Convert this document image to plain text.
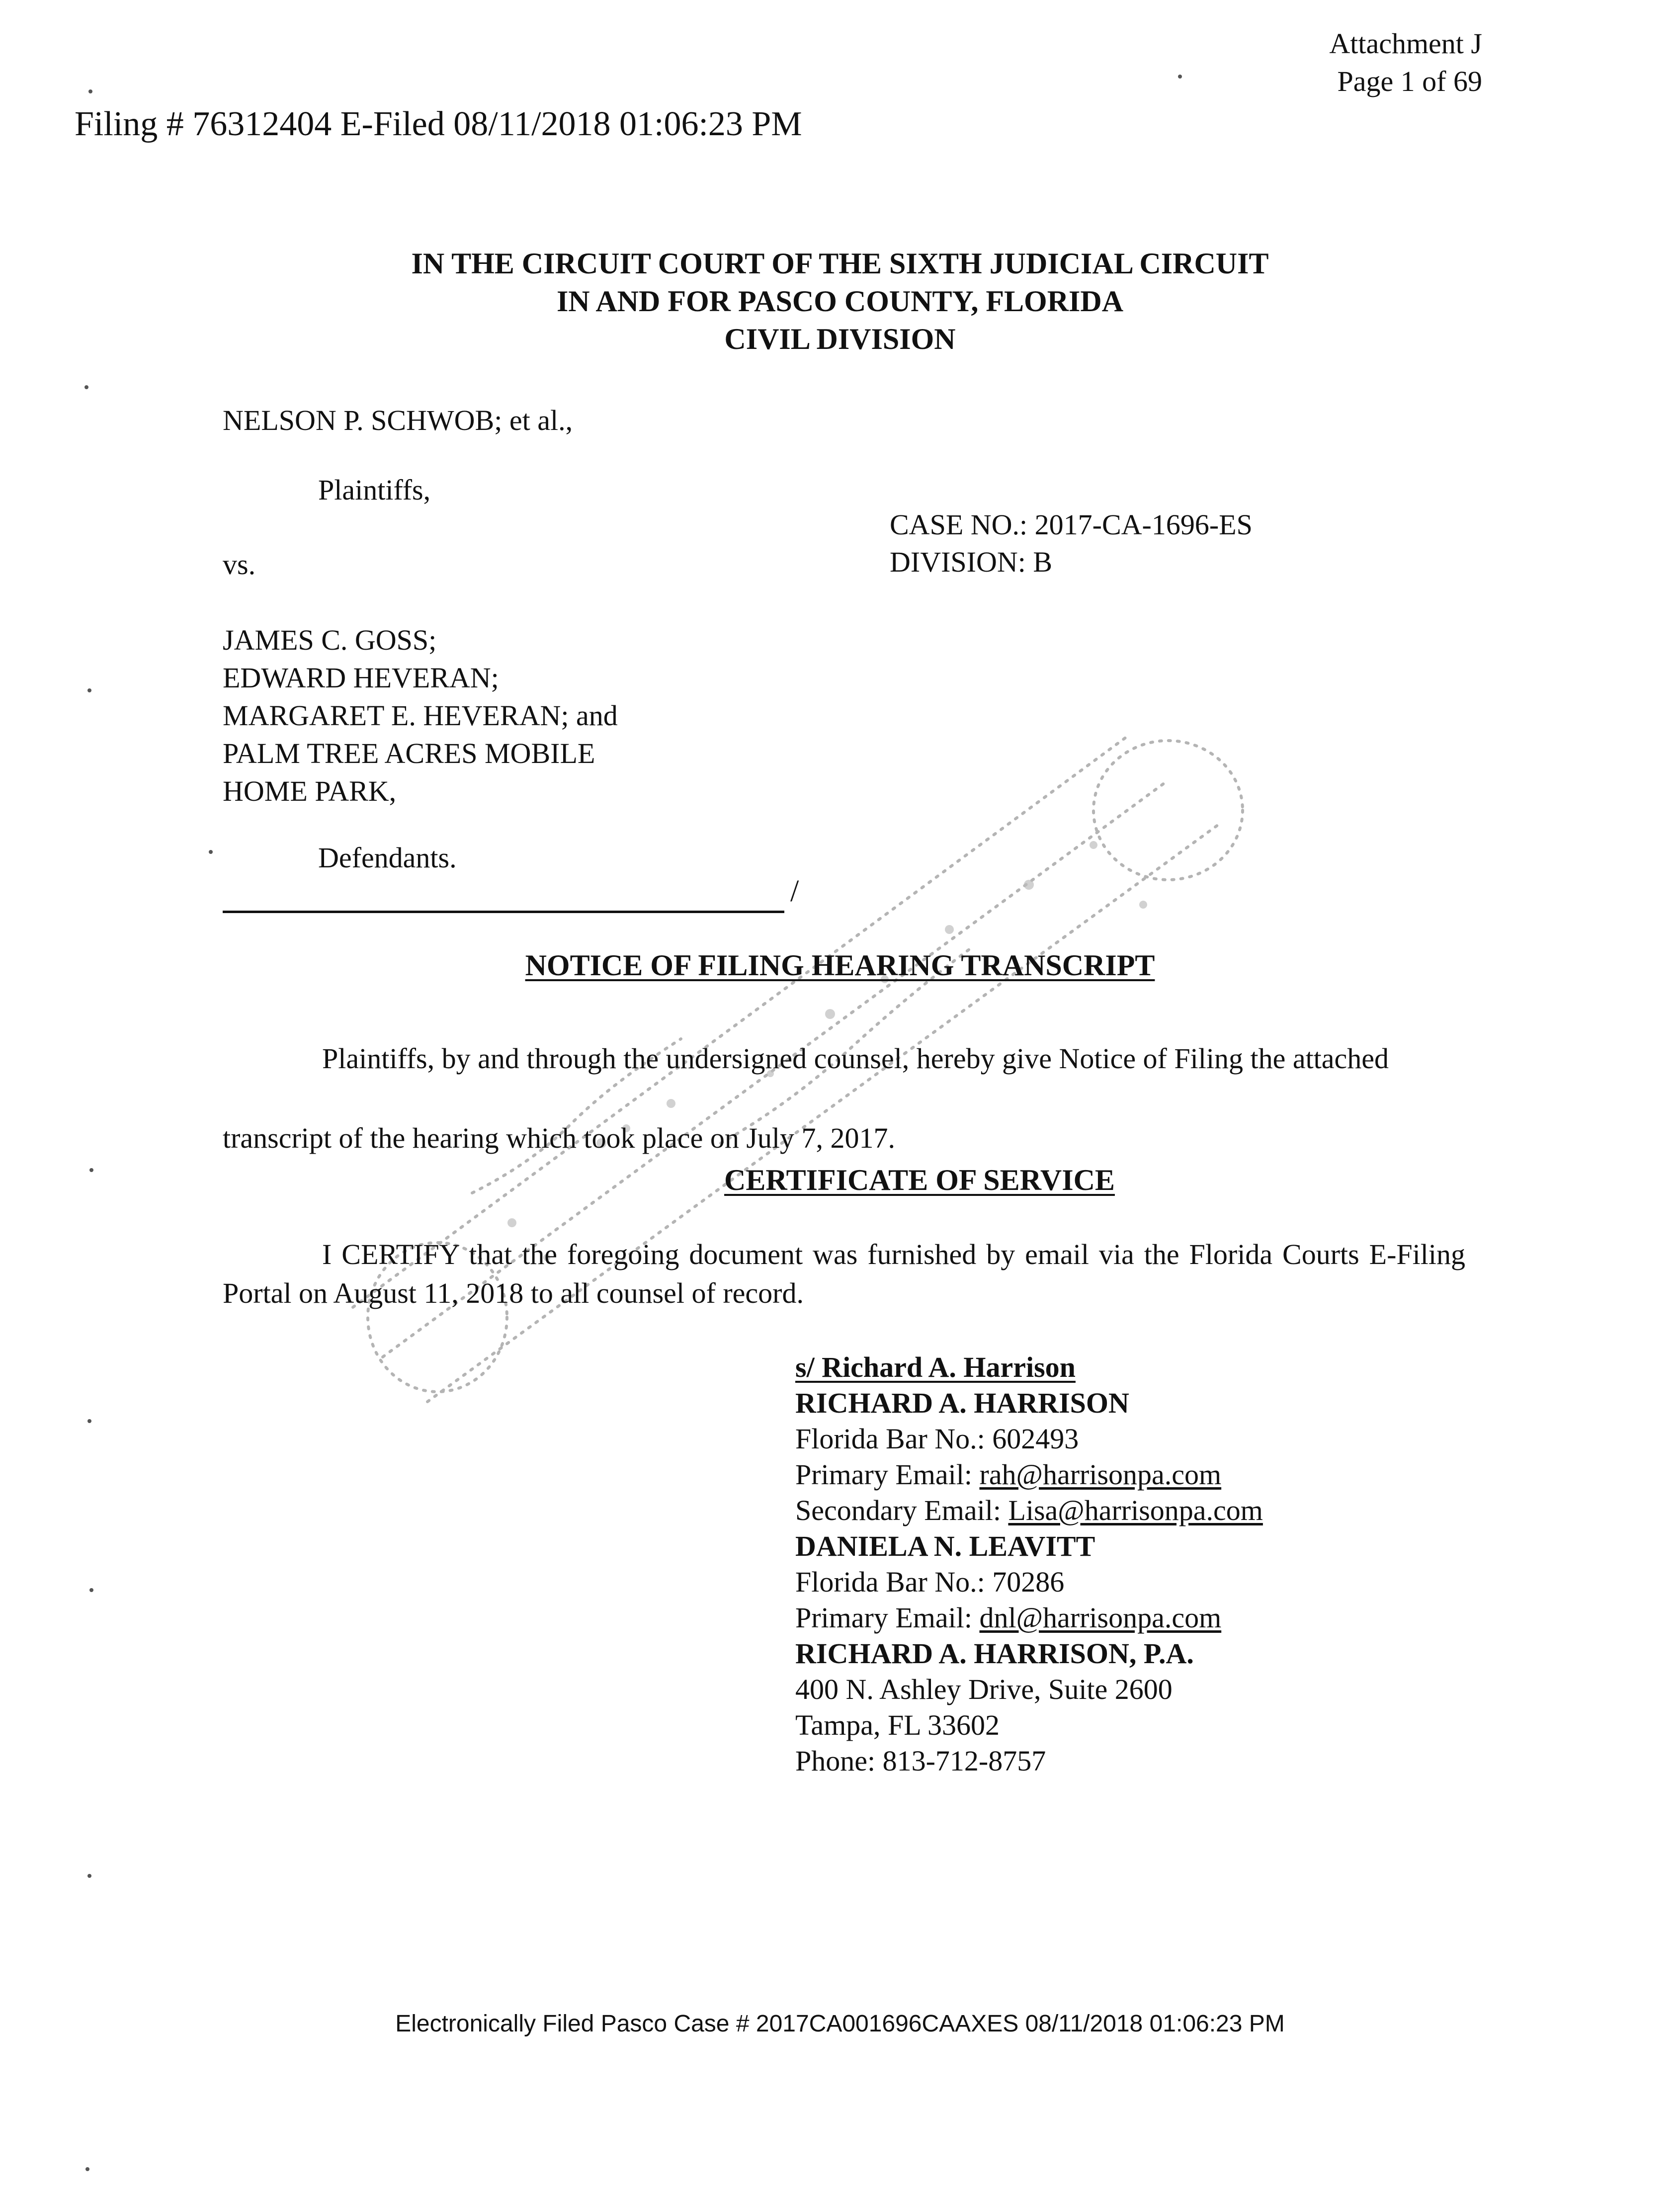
Attachment J
Page 1 of 69
Filing # 76312404 E-Filed 08/11/2018 01:06:23 PM
IN THE CIRCUIT COURT OF THE SIXTH JUDICIAL CIRCUIT
IN AND FOR PASCO COUNTY, FLORIDA
CIVIL DIVISION
NELSON P. SCHWOB; et al.,
Plaintiffs,
CASE NO.: 2017-CA-1696-ES
DIVISION: B
vs.
JAMES C. GOSS;
EDWARD HEVERAN;
MARGARET E. HEVERAN; and
PALM TREE ACRES MOBILE
HOME PARK,
Defendants.
/
NOTICE OF FILING HEARING TRANSCRIPT
Plaintiffs, by and through the undersigned counsel, hereby give Notice of Filing the attached transcript of the hearing which took place on July 7, 2017.
CERTIFICATE OF SERVICE
I CERTIFY that the foregoing document was furnished by email via the Florida Courts E-Filing Portal on August 11, 2018 to all counsel of record.
s/ Richard A. Harrison
RICHARD A. HARRISON
Florida Bar No.: 602493
Primary Email: rah@harrisonpa.com
Secondary Email: Lisa@harrisonpa.com
DANIELA N. LEAVITT
Florida Bar No.: 70286
Primary Email: dnl@harrisonpa.com
RICHARD A. HARRISON, P.A.
400 N. Ashley Drive, Suite 2600
Tampa, FL 33602
Phone: 813-712-8757
Electronically Filed Pasco Case # 2017CA001696CAAXES 08/11/2018 01:06:23 PM
